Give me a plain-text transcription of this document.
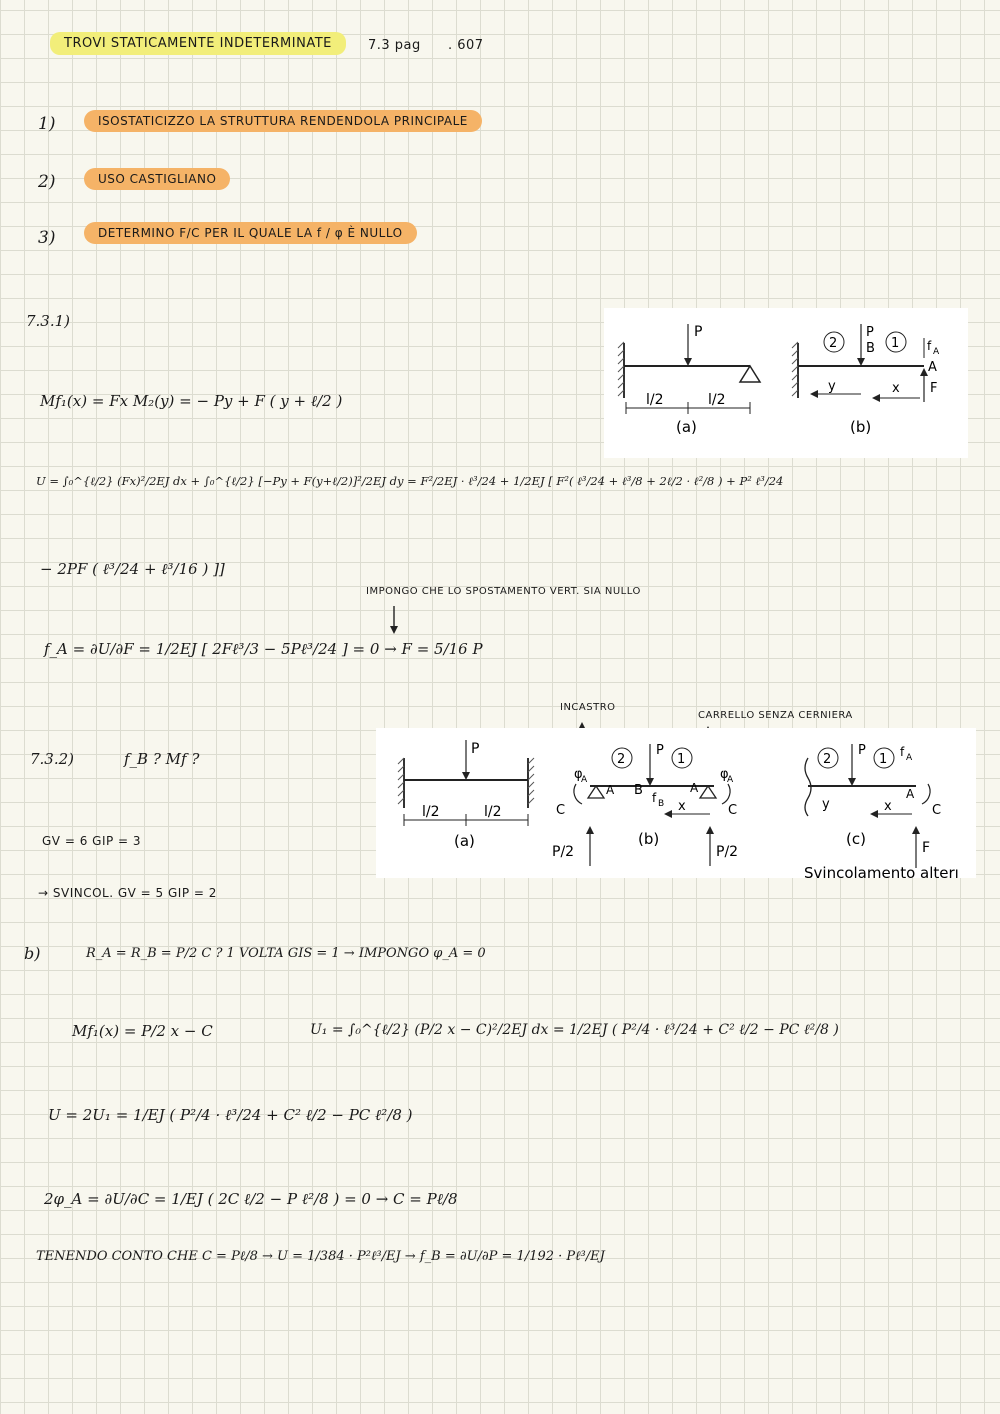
TROVI STATICAMENTE INDETERMINATE	7.3 pag . 607
1)	ISOSTATICIZZO LA STRUTTURA RENDENDOLA PRINCIPALE
2)	USO CASTIGLIANO
3)	DETERMINO F/C PER IL QUALE LA f / φ È NULLO
7.3.1)
P
l/2	l/2
(a)
2	1
P
B	f A
A
F
y	x
(b)
Mf₁(x) = Fx M₂(y) = − Py + F ( y + ℓ/2 )
U = ∫₀^{ℓ/2} (Fx)²/2EJ dx + ∫₀^{ℓ/2} [−Py + F(y+ℓ/2)]²/2EJ dy = F²/2EJ · ℓ³/24 + 1/2EJ [ F²( ℓ³/24 + ℓ³/8 + 2ℓ/2 · ℓ²/8 ) + P² ℓ³/24
− 2PF ( ℓ³/24 + ℓ³/16 ) ]]
IMPONGO CHE LO SPOSTAMENTO VERT. SIA NULLO
f_A = ∂U/∂F = 1/2EJ [ 2Fℓ³/3 − 5Pℓ³/24 ] = 0 → F = 5/16 P
INCASTRO
CARRELLO SENZA CERNIERA
7.3.2)	f_B ? Mf ?
P
l/2	l/2
(a)
2	1
P
φ
A
A B f B
A
φ
A
C	C
x
P/2	P/2
(b)
2	1
P	f A
A
C
y	x
F
(c)
Svincolamento alterı
GV = 6 GIP = 3
→ SVINCOL. GV = 5 GIP = 2
b)	R_A = R_B = P/2 C ? 1 VOLTA GIS = 1 → IMPONGO φ_A = 0
Mf₁(x) = P/2 x − C	U₁ = ∫₀^{ℓ/2} (P/2 x − C)²/2EJ dx = 1/2EJ ( P²/4 · ℓ³/24 + C² ℓ/2 − PC ℓ²/8 )
U = 2U₁ = 1/EJ ( P²/4 · ℓ³/24 + C² ℓ/2 − PC ℓ²/8 )
2φ_A = ∂U/∂C = 1/EJ ( 2C ℓ/2 − P ℓ²/8 ) = 0 → C = Pℓ/8
TENENDO CONTO CHE C = Pℓ/8 → U = 1/384 · P²ℓ³/EJ → f_B = ∂U/∂P = 1/192 · Pℓ³/EJ
